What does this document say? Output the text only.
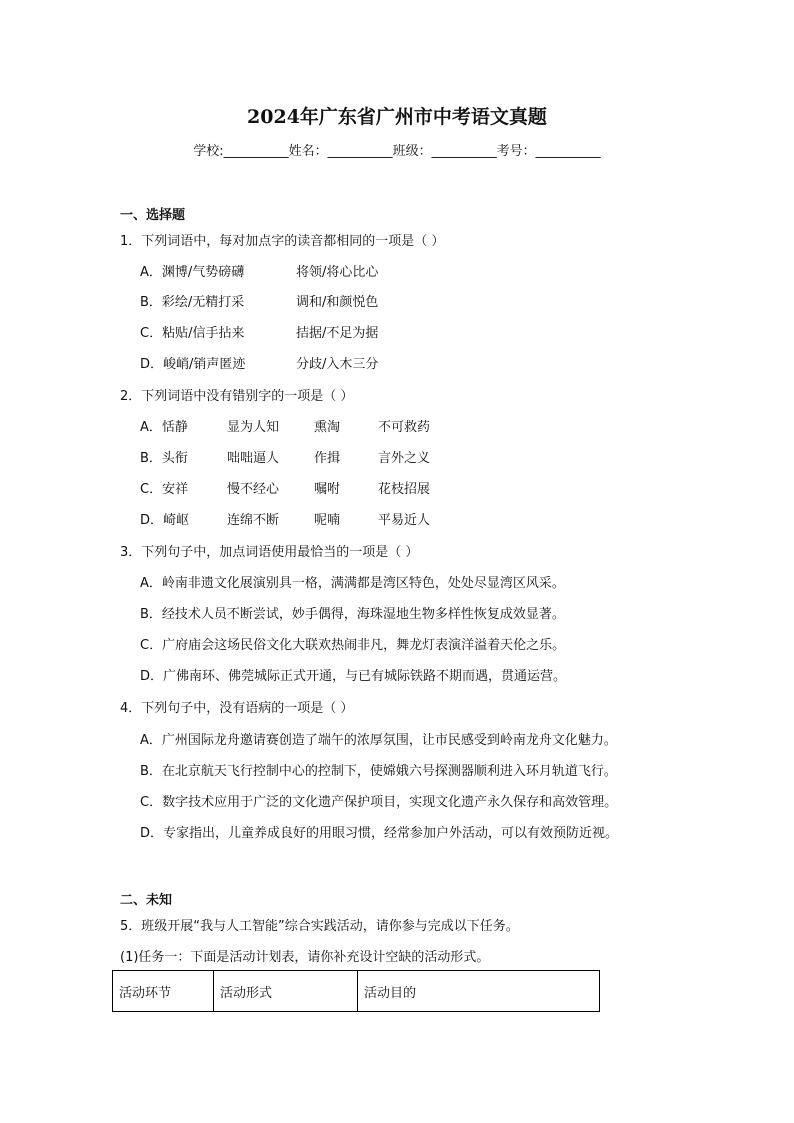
2024年广东省广州市中考语文真题
学校:__________姓名：__________班级：__________考号：__________
一、选择题
1．下列词语中，每对加点字的读音都相同的一项是（ ）
A．渊博/气势磅礴	将领/将心比心
B．彩绘/无精打采	调和/和颜悦色
C．粘贴/信手拈来	拮据/不足为据
D．峻峭/销声匿迹	分歧/入木三分
2．下列词语中没有错别字的一项是（ ）
A．恬静	显为人知	熏淘	不可救药
B．头衔	咄咄逼人	作揖	言外之义
C．安祥	慢不经心	嘱咐	花枝招展
D．崎岖	连绵不断	呢喃	平易近人
3．下列句子中，加点词语使用最恰当的一项是（ ）
A．岭南非遗文化展演别具一格，满满都是湾区特色，处处尽显湾区风采。
B．经技术人员不断尝试，妙手偶得，海珠湿地生物多样性恢复成效显著。
C．广府庙会这场民俗文化大联欢热闹非凡，舞龙灯表演洋溢着天伦之乐。
D．广佛南环、佛莞城际正式开通，与已有城际铁路不期而遇，贯通运营。
4．下列句子中，没有语病的一项是（ ）
A．广州国际龙舟邀请赛创造了端午的浓厚氛围，让市民感受到岭南龙舟文化魅力。
B．在北京航天飞行控制中心的控制下，使嫦娥六号探测器顺利进入环月轨道飞行。
C．数字技术应用于广泛的文化遗产保护项目，实现文化遗产永久保存和高效管理。
D．专家指出，儿童养成良好的用眼习惯，经常参加户外活动，可以有效预防近视。
二、未知
5．班级开展“我与人工智能”综合实践活动，请你参与完成以下任务。
(1)任务一：下面是活动计划表，请你补充设计空缺的活动形式。
活动环节	活动形式	活动目的
